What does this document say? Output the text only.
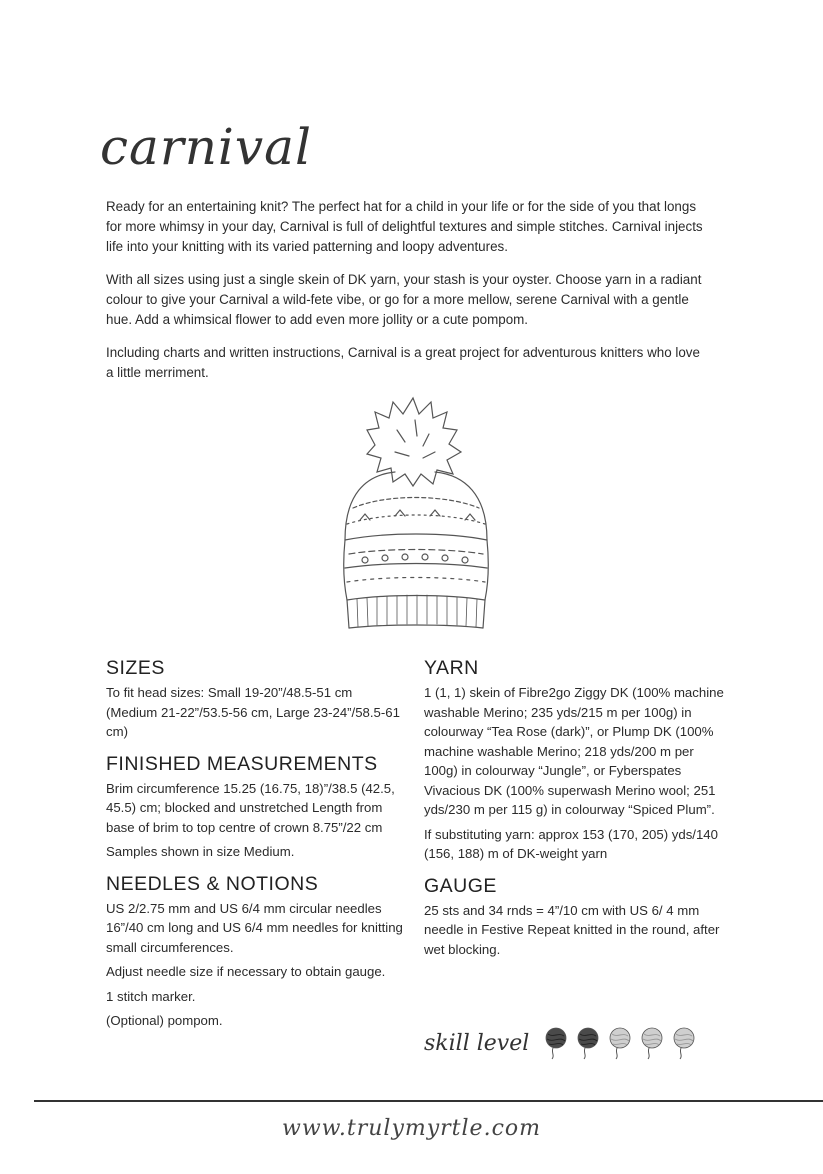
carnival

Ready for an entertaining knit? The perfect hat for a child in your life or for the side of you that longs for more whimsy in your day, Carnival is full of delightful textures and simple stitches. Carnival injects life into your knitting with its varied patterning and loopy adventures.

With all sizes using just a single skein of DK yarn, your stash is your oyster. Choose yarn in a radiant colour to give your Carnival a wild-fete vibe, or go for a more mellow, serene Carnival with a gentle hue. Add a whimsical flower to add even more jollity or a cute pompom.

Including charts and written instructions, Carnival is a great project for adventurous knitters who love a little merriment.

SIZES

To fit head sizes: Small 19-20”/48.5-51 cm (Medium 21-22”/53.5-56 cm, Large 23-24”/58.5-61 cm)

FINISHED MEASUREMENTS

Brim circumference 15.25 (16.75, 18)”/38.5 (42.5, 45.5) cm; blocked and unstretched Length from base of brim to top centre of crown 8.75”/22 cm

Samples shown in size Medium.

NEEDLES & NOTIONS

US 2/2.75 mm and US 6/4 mm circular needles 16”/40 cm long and US 6/4 mm needles for knitting small circumferences.

Adjust needle size if necessary to obtain gauge.

1 stitch marker.

(Optional) pompom.

YARN

1 (1, 1) skein of Fibre2go Ziggy DK (100% machine washable Merino; 235 yds/215 m per 100g) in colourway “Tea Rose (dark)”, or Plump DK (100% machine washable Merino; 218 yds/200 m per 100g) in colourway “Jungle”, or Fyberspates Vivacious DK (100% superwash Merino wool; 251 yds/230 m per 115 g) in colourway “Spiced Plum”.

If substituting yarn: approx 153 (170, 205) yds/140 (156, 188) m of DK-weight yarn

GAUGE

25 sts and 34 rnds = 4”/10 cm with US 6/ 4 mm needle in Festive Repeat knitted in the round, after wet blocking.

skill level
www.trulymyrtle.com
